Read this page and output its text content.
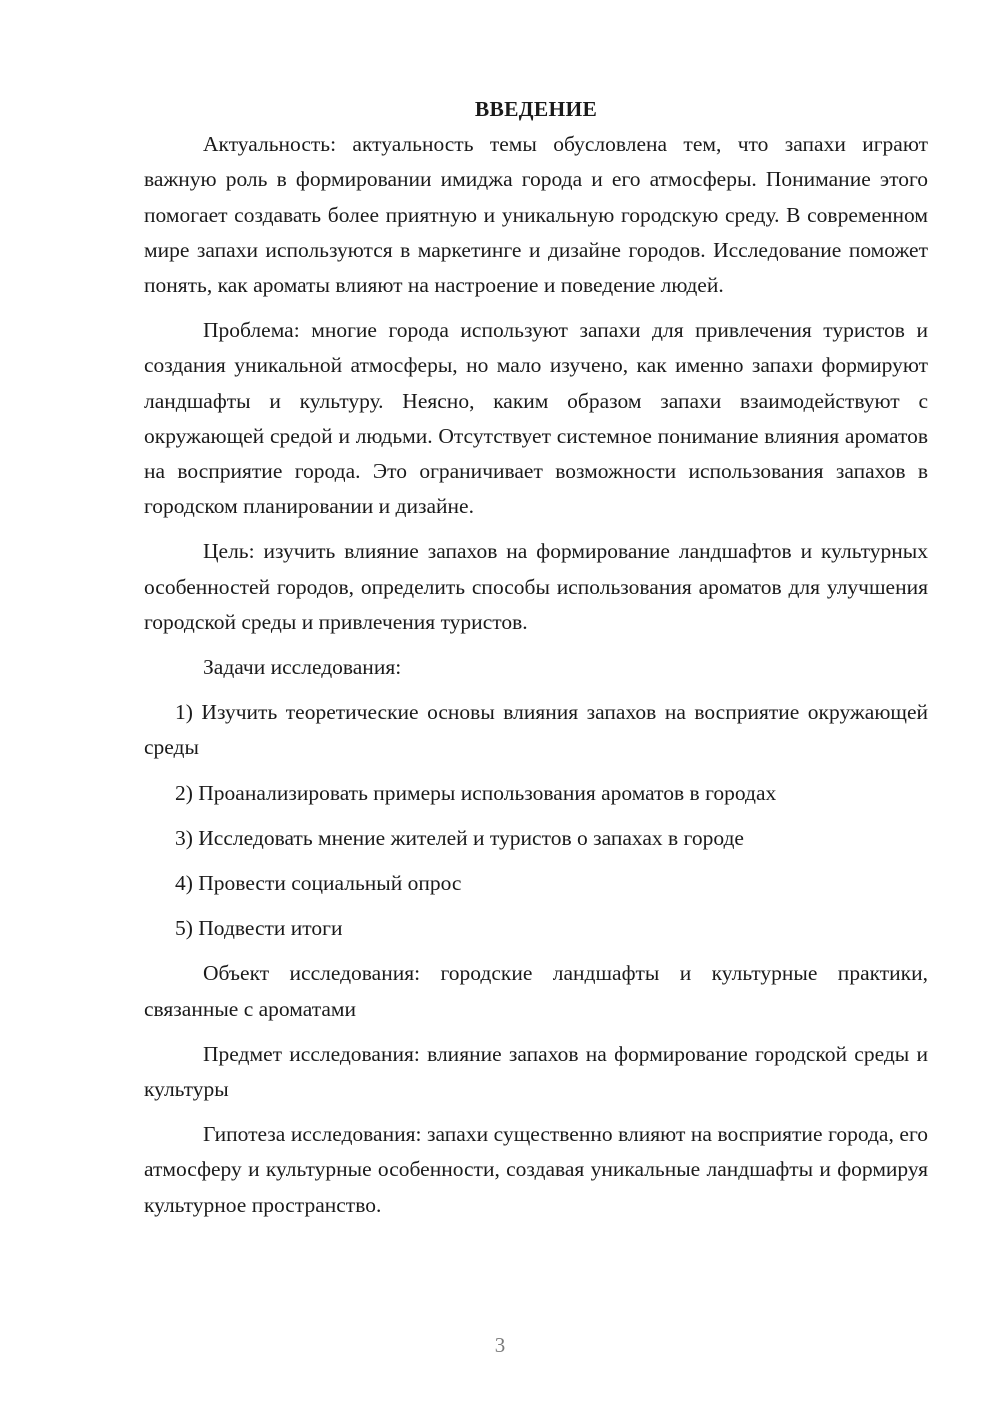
ВВЕДЕНИЕ

Актуальность: актуальность темы обусловлена тем, что запахи играют важную роль в формировании имиджа города и его атмосферы. Понимание этого помогает создавать более приятную и уникальную городскую среду. В современном мире запахи используются в маркетинге и дизайне городов. Исследование поможет понять, как ароматы влияют на настроение и поведение людей.

Проблема: многие города используют запахи для привлечения туристов и создания уникальной атмосферы, но мало изучено, как именно запахи формируют ландшафты и культуру. Неясно, каким образом запахи взаимодействуют с окружающей средой и людьми. Отсутствует системное понимание влияния ароматов на восприятие города. Это ограничивает возможности использования запахов в городском планировании и дизайне.

Цель: изучить влияние запахов на формирование ландшафтов и культурных особенностей городов, определить способы использования ароматов для улучшения городской среды и привлечения туристов.

Задачи исследования:

1) Изучить теоретические основы влияния запахов на восприятие окружающей среды

2) Проанализировать примеры использования ароматов в городах

3) Исследовать мнение жителей и туристов о запахах в городе

4) Провести социальный опрос

5) Подвести итоги

Объект исследования: городские ландшафты и культурные практики, связанные с ароматами

Предмет исследования: влияние запахов на формирование городской среды и культуры

Гипотеза исследования: запахи существенно влияют на восприятие города, его атмосферу и культурные особенности, создавая уникальные ландшафты и формируя культурное пространство.

3
